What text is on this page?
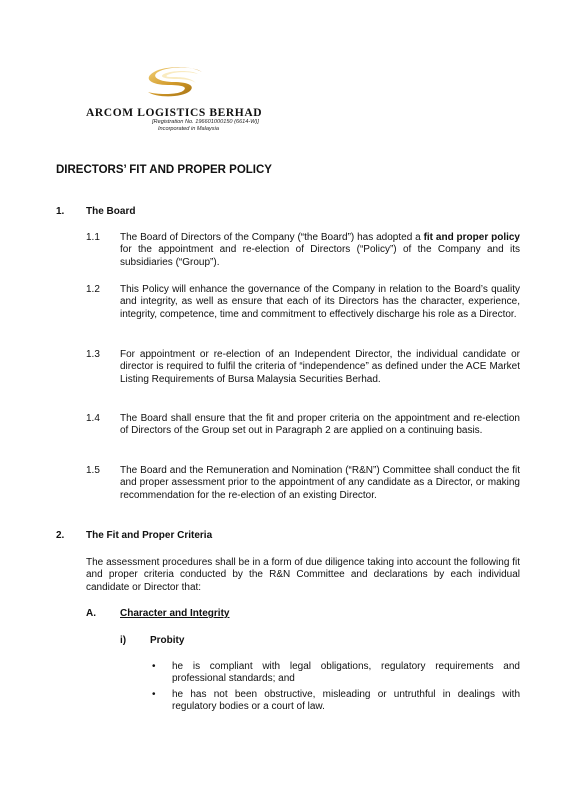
ARCOM LOGISTICS BERHAD
[Registration No. 196601000150 (6614-W)]
Incorporated in Malaysia
DIRECTORS’ FIT AND PROPER POLICY
1. The Board
1.1 The Board of Directors of the Company (“the Board”) has adopted a fit and proper policy for the appointment and re-election of Directors (“Policy”) of the Company and its subsidiaries (“Group”).
1.2 This Policy will enhance the governance of the Company in relation to the Board’s quality and integrity, as well as ensure that each of its Directors has the character, experience, integrity, competence, time and commitment to effectively discharge his role as a Director.
1.3 For appointment or re-election of an Independent Director, the individual candidate or director is required to fulfil the criteria of “independence” as defined under the ACE Market Listing Requirements of Bursa Malaysia Securities Berhad.
1.4 The Board shall ensure that the fit and proper criteria on the appointment and re-election of Directors of the Group set out in Paragraph 2 are applied on a continuing basis.
1.5 The Board and the Remuneration and Nomination (“R&N”) Committee shall conduct the fit and proper assessment prior to the appointment of any candidate as a Director, or making recommendation for the re-election of an existing Director.
2. The Fit and Proper Criteria
The assessment procedures shall be in a form of due diligence taking into account the following fit and proper criteria conducted by the R&N Committee and declarations by each individual candidate or Director that:
A. Character and Integrity
i) Probity
• he is compliant with legal obligations, regulatory requirements and professional standards; and
• he has not been obstructive, misleading or untruthful in dealings with regulatory bodies or a court of law.
